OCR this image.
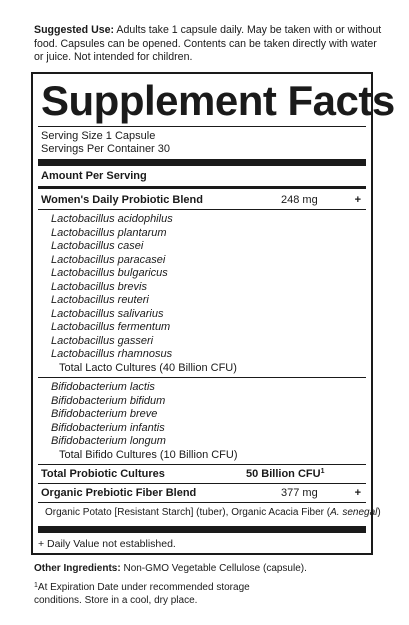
Suggested Use: Adults take 1 capsule daily. May be taken with or without food. Capsules can be opened. Contents can be taken directly with water or juice. Not intended for children.
Supplement Facts
Serving Size 1 Capsule
Servings Per Container 30
Amount Per Serving
Women's Daily Probiotic Blend	248 mg	+
Lactobacillus acidophilus
Lactobacillus plantarum
Lactobacillus casei
Lactobacillus paracasei
Lactobacillus bulgaricus
Lactobacillus brevis
Lactobacillus reuteri
Lactobacillus salivarius
Lactobacillus fermentum
Lactobacillus gasseri
Lactobacillus rhamnosus
Total Lacto Cultures (40 Billion CFU)
Bifidobacterium lactis
Bifidobacterium bifidum
Bifidobacterium breve
Bifidobacterium infantis
Bifidobacterium longum
Total Bifido Cultures (10 Billion CFU)
Total Probiotic Cultures	50 Billion CFU$^1$
Organic Prebiotic Fiber Blend	377 mg	+
Organic Potato [Resistant Starch] (tuber), Organic Acacia Fiber (A. senegal)
+ Daily Value not established.
Other Ingredients: Non-GMO Vegetable Cellulose (capsule).
$^1$At Expiration Date under recommended storage conditions. Store in a cool, dry place.
